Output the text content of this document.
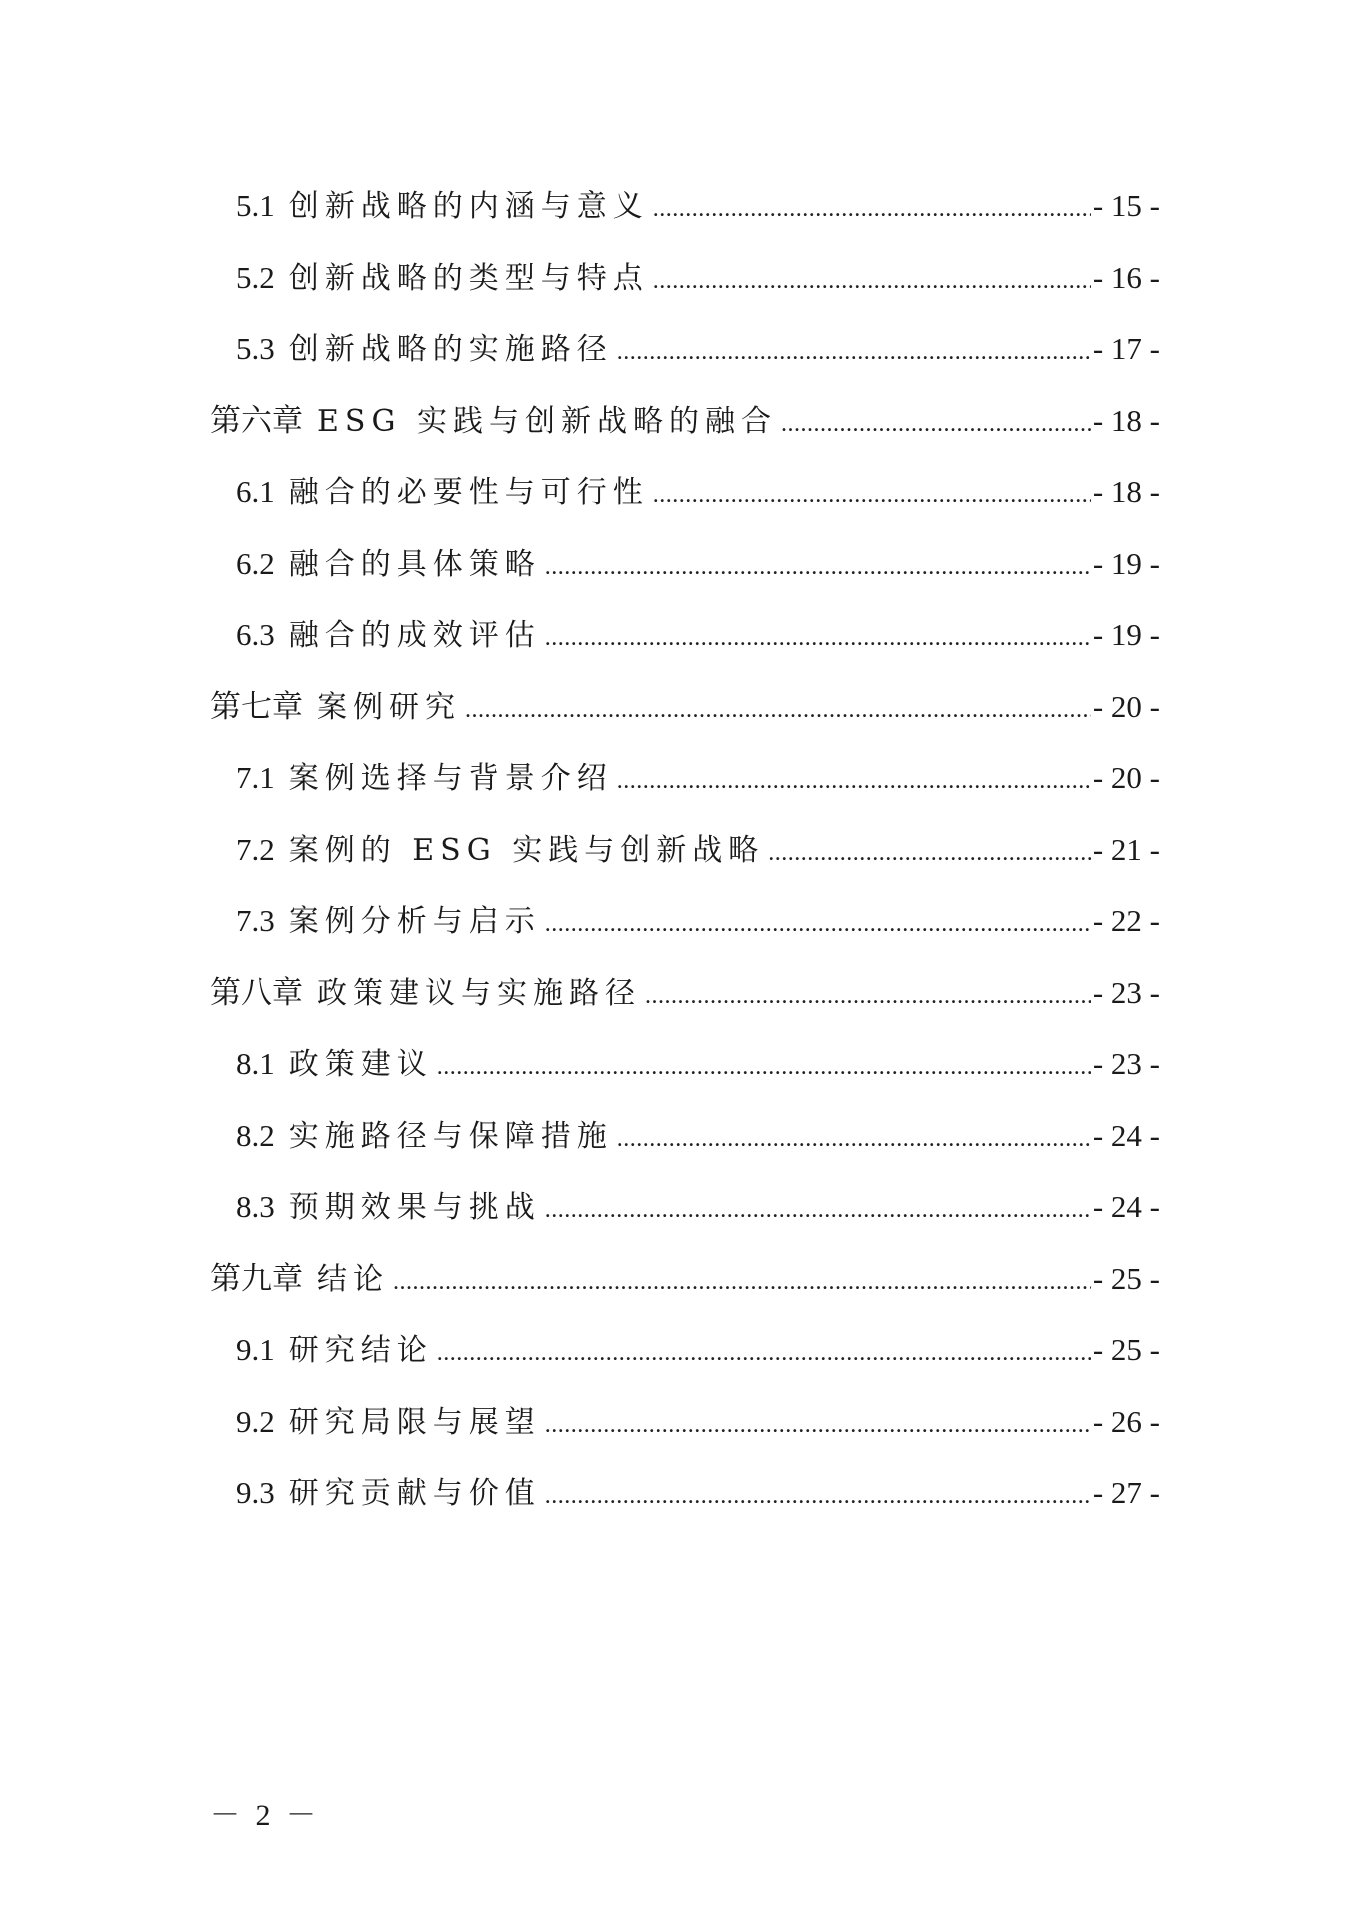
5.1 创新战略的内涵与意义 .....	- 15 -
5.2 创新战略的类型与特点 .....	- 16 -
5.3 创新战略的实施路径 .....	- 17 -
第六章 ESG 实践与创新战略的融合 .....	- 18 -
6.1 融合的必要性与可行性 .....	- 18 -
6.2 融合的具体策略 .....	- 19 -
6.3 融合的成效评估 .....	- 19 -
第七章 案例研究 .....	- 20 -
7.1 案例选择与背景介绍 .....	- 20 -
7.2 案例的 ESG 实践与创新战略 .....	- 21 -
7.3 案例分析与启示 .....	- 22 -
第八章 政策建议与实施路径 .....	- 23 -
8.1 政策建议 .....	- 23 -
8.2 实施路径与保障措施 .....	- 24 -
8.3 预期效果与挑战 .....	- 24 -
第九章 结论 .....	- 25 -
9.1 研究结论 .....	- 25 -
9.2 研究局限与展望 .....	- 26 -
9.3 研究贡献与价值 .....	- 27 -
－ 2 －
